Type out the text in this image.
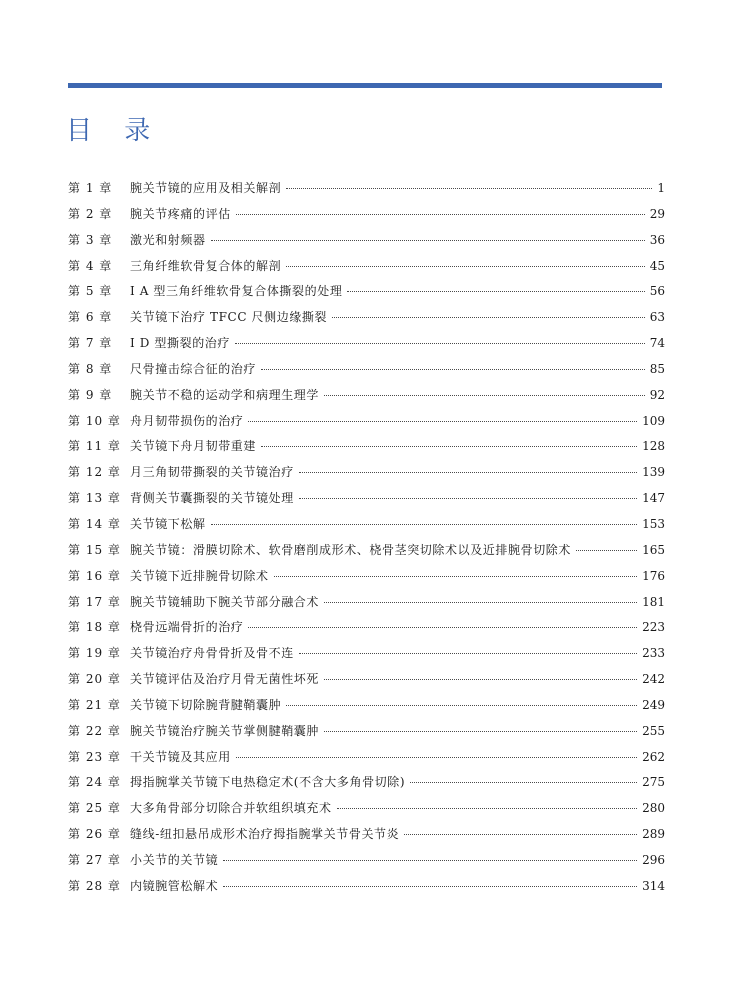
目 录
第 1 章	腕关节镜的应用及相关解剖	1
第 2 章	腕关节疼痛的评估	29
第 3 章	激光和射频器	36
第 4 章	三角纤维软骨复合体的解剖	45
第 5 章	Ⅰ A 型三角纤维软骨复合体撕裂的处理	56
第 6 章	关节镜下治疗 TFCC 尺侧边缘撕裂	63
第 7 章	Ⅰ D 型撕裂的治疗	74
第 8 章	尺骨撞击综合征的治疗	85
第 9 章	腕关节不稳的运动学和病理生理学	92
第 10 章 舟月韧带损伤的治疗	109
第 11 章 关节镜下舟月韧带重建	128
第 12 章 月三角韧带撕裂的关节镜治疗	139
第 13 章 背侧关节囊撕裂的关节镜处理	147
第 14 章 关节镜下松解	153
第 15 章 腕关节镜：滑膜切除术、软骨磨削成形术、桡骨茎突切除术以及近排腕骨切除术	165
第 16 章 关节镜下近排腕骨切除术	176
第 17 章 腕关节镜辅助下腕关节部分融合术	181
第 18 章 桡骨远端骨折的治疗	223
第 19 章 关节镜治疗舟骨骨折及骨不连	233
第 20 章 关节镜评估及治疗月骨无菌性坏死	242
第 21 章 关节镜下切除腕背腱鞘囊肿	249
第 22 章 腕关节镜治疗腕关节掌侧腱鞘囊肿	255
第 23 章 干关节镜及其应用	262
第 24 章 拇指腕掌关节镜下电热稳定术(不含大多角骨切除)	275
第 25 章 大多角骨部分切除合并软组织填充术	280
第 26 章 缝线-纽扣悬吊成形术治疗拇指腕掌关节骨关节炎	289
第 27 章 小关节的关节镜	296
第 28 章 内镜腕管松解术	314
